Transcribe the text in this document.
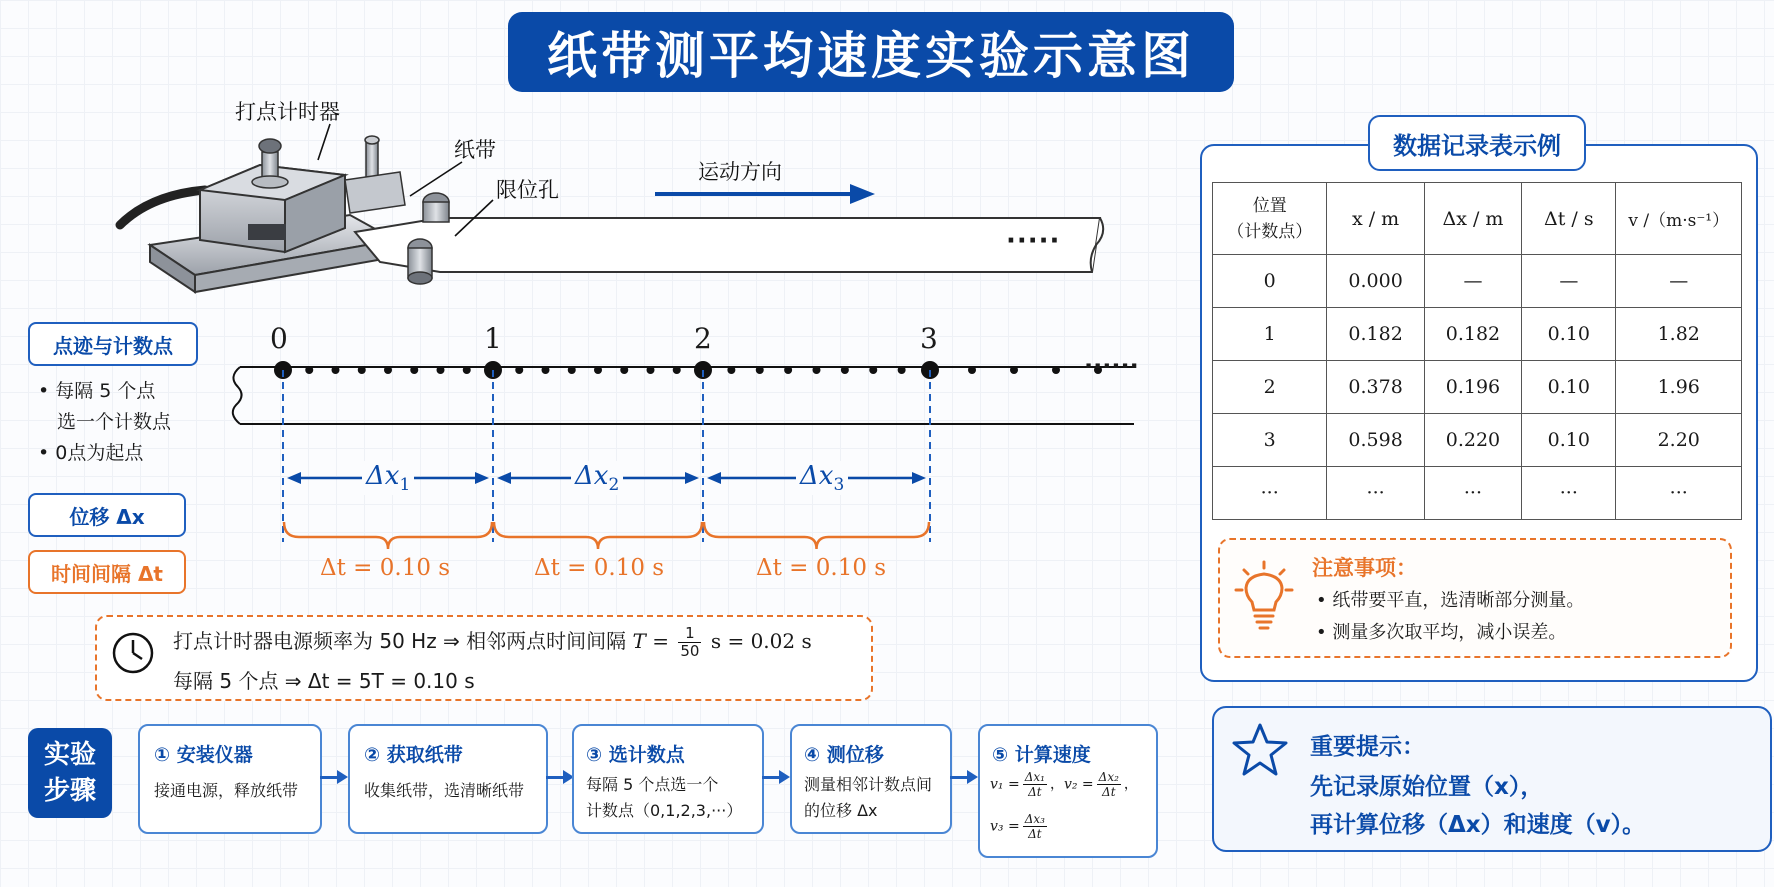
纸带测平均速度实验示意图
打点计时器
纸带
限位孔
运动方向
·····
点迹与计数点
• 每隔 5 个点
选一个计数点
• 0点为起点
位移 Δx
时间间隔 Δt
0	1	2	3
······
$\Delta x_1$	$\Delta x_2$	$\Delta x_3$
Δt = 0.10 s	Δt = 0.10 s	Δt = 0.10 s
打点计时器电源频率为 50 Hz ⇒ 相邻两点时间间隔 $T = \frac{1}{50}$ s = 0.02 s
每隔 5 个点 ⇒ Δt = 5T = 0.10 s
实验
步骤
① 安装仪器
接通电源，释放纸带
② 获取纸带
收集纸带，选清晰纸带
③ 选计数点
每隔 5 个点选一个
计数点（0,1,2,3,···）
④ 测位移
测量相邻计数点间
的位移 Δx
⑤ 计算速度
$v_1 = \frac{\text{Δx₁}}{\Delta t}$ ，$v_2 = \frac{\text{Δx₂}}{\Delta t}$ ，
$v_3 = \frac{\text{Δx₃}}{\Delta t}$
数据记录表示例
位置
（计数点）	x / m	Δx / m	Δt / s	v /（m·s⁻¹）
0	0.000	—	—	—
1	0.182	0.182	0.10	1.82
2	0.378	0.196	0.10	1.96
3	0.598	0.220	0.10	2.20
···	···	···	···	···
注意事项：
• 纸带要平直，选清晰部分测量。
• 测量多次取平均，减小误差。
重要提示：
先记录原始位置（x），
再计算位移（Δx）和速度（v）。
